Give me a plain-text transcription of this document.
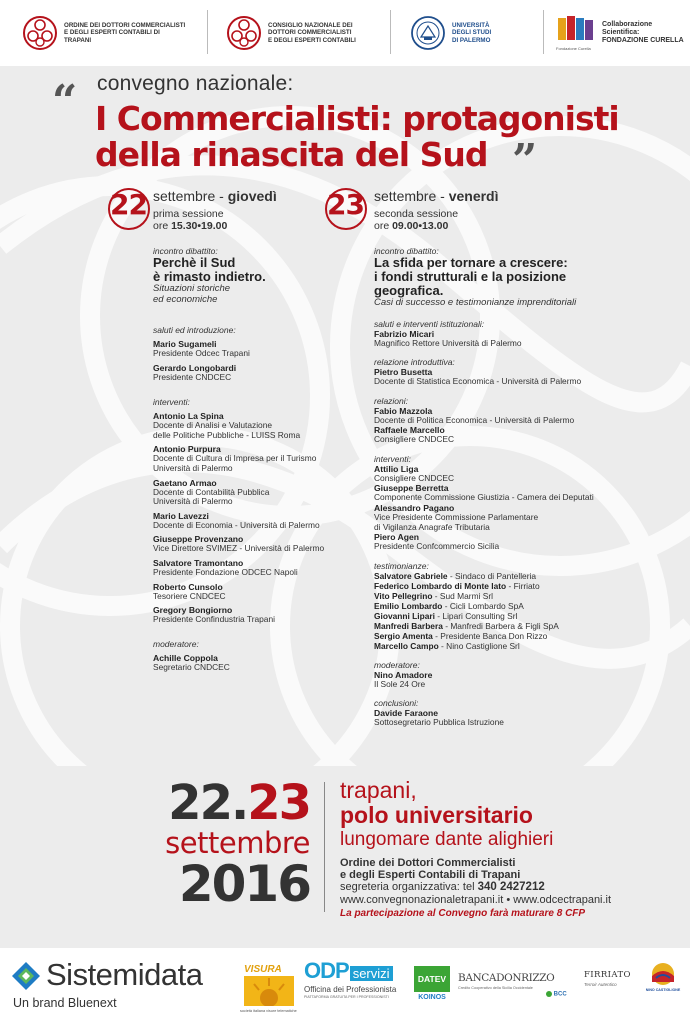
ORDINE DEI DOTTORI COMMERCIALISTI
E DEGLI ESPERTI CONTABILI DI
TRAPANI
CONSIGLIO NAZIONALE DEI
DOTTORI COMMERCIALISTI
E DEGLI ESPERTI CONTABILI
UNIVERSITÀ
DEGLI STUDI
DI PALERMO
Fondazione Curella
Collaborazione
Scientifica:
FONDAZIONE CURELLA
“ convegno nazionale:
I Commercialisti: protagonisti
della rinascita del Sud ”
22 settembre - giovedì
prima sessione
ore 15.30•19.00
23 settembre - venerdì
seconda sessione
ore 09.00•13.00
incontro dibattito:
Perchè il Sud
è rimasto indietro.
Situazioni storiche
ed economiche
saluti ed introduzione:
Mario Sugameli
Presidente Odcec Trapani
Gerardo Longobardi
Presidente CNDCEC
interventi:
Antonio La Spina
Docente di Analisi e Valutazione
delle Politiche Pubbliche - LUISS Roma
Antonio Purpura
Docente di Cultura di Impresa per il Turismo
Università di Palermo
Gaetano Armao
Docente di Contabilità Pubblica
Università di Palermo
Mario Lavezzi
Docente di Economia - Università di Palermo
Giuseppe Provenzano
Vice Direttore SVIMEZ - Università di Palermo
Salvatore Tramontano
Presidente Fondazione ODCEC Napoli
Roberto Cunsolo
Tesoriere CNDCEC
Gregory Bongiorno
Presidente Confindustria Trapani
moderatore:
Achille Coppola
Segretario CNDCEC
incontro dibattito:
La sfida per tornare a crescere:
i fondi strutturali e la posizione
geografica.
Casi di successo e testimonianze imprenditoriali
saluti e interventi istituzionali:
Fabrizio Micari
Magnifico Rettore Università di Palermo
relazione introduttiva:
Pietro Busetta
Docente di Statistica Economica - Università di Palermo
relazioni:
Fabio Mazzola
Docente di Politica Economica - Università di Palermo
Raffaele Marcello
Consigliere CNDCEC
interventi:
Attilio Liga
Consigliere CNDCEC
Giuseppe Berretta
Componente Commissione Giustizia - Camera dei Deputati
Alessandro Pagano
Vice Presidente Commissione Parlamentare
di Vigilanza Anagrafe Tributaria
Piero Agen
Presidente Confcommercio Sicilia
testimonianze:
Salvatore Gabriele - Sindaco di Pantelleria
Federico Lombardo di Monte Iato - Firriato
Vito Pellegrino - Sud Marmi Srl
Emilio Lombardo - Cicli Lombardo SpA
Giovanni Lipari - Lipari Consulting Srl
Manfredi Barbera - Manfredi Barbera & Figli SpA
Sergio Amenta - Presidente Banca Don Rizzo
Marcello Campo - Nino Castiglione Srl
moderatore:
Nino Amadore
Il Sole 24 Ore
conclusioni:
Davide Faraone
Sottosegretario Pubblica Istruzione
22.23
settembre
2016
trapani,
polo universitario
lungomare dante alighieri
Ordine dei Dottori Commercialisti
e degli Esperti Contabili di Trapani
segreteria organizzativa: tel 340 2427212
www.convegnonazionaletrapani.it • www.odcectrapani.it
La partecipazione al Convegno farà maturare 8 CFP
Sistemidata
Un brand Bluenext
VISURA
società italiana visure telematiche
ODP servizi
Officina dei Professionista
PIATTAFORMA GRATUITA PER I PROFESSIONISTI
DATEV
KOINOS
BANCADONRIZZO
Credito Cooperativo della Sicilia Occidentale
BCC
FIRRIATO
Terroir Autentico
NINO CASTIGLIONE
